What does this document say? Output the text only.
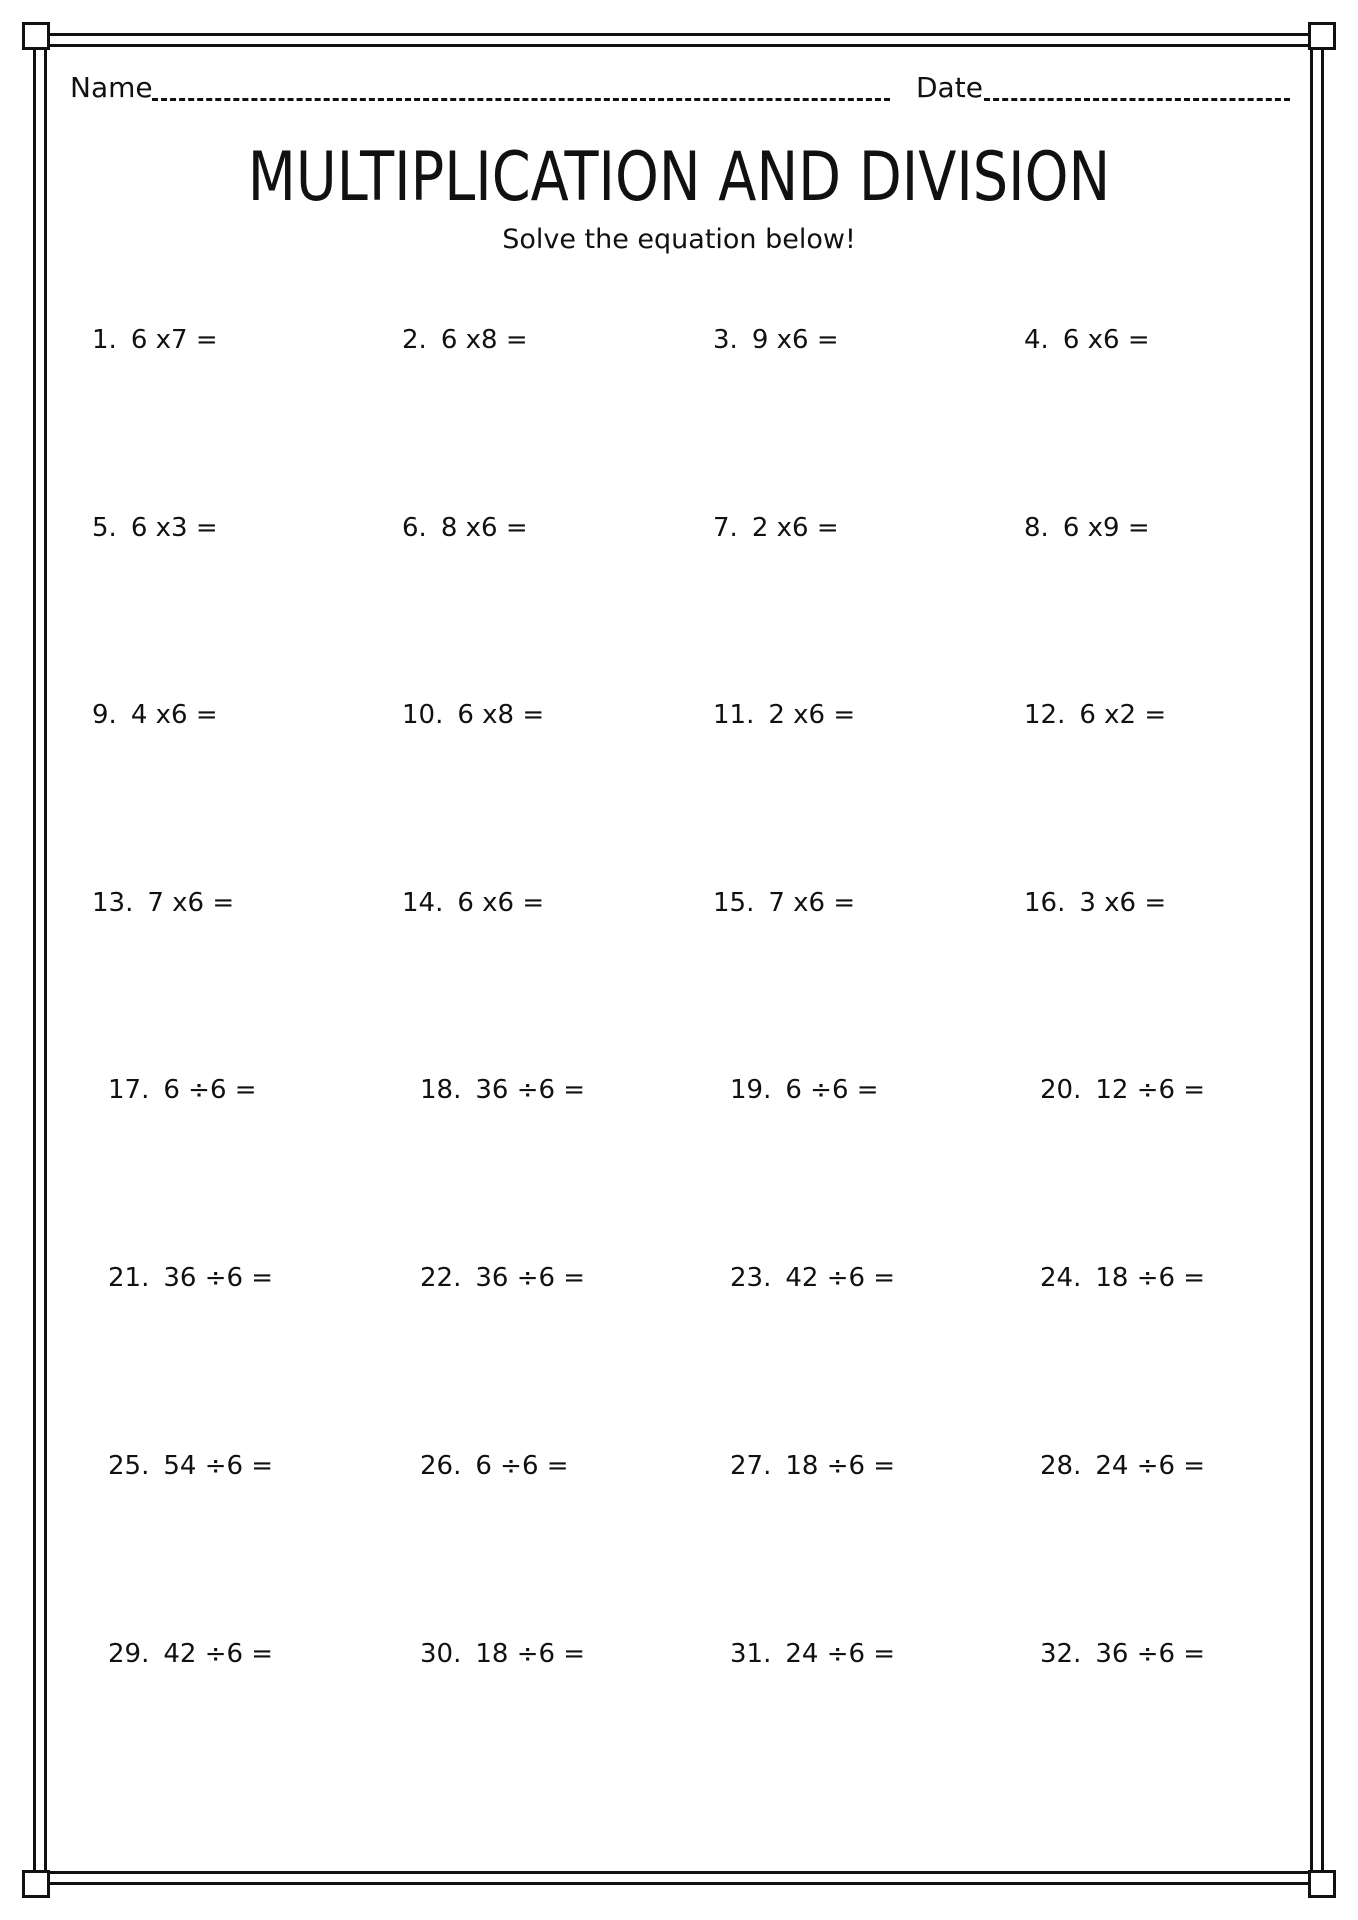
Name	Date
MULTIPLICATION AND DIVISION
Solve the equation below!
1. 6 x7 =	2. 6 x8 =	3. 9 x6 =	4. 6 x6 =
5. 6 x3 =	6. 8 x6 =	7. 2 x6 =	8. 6 x9 =
9. 4 x6 =	10. 6 x8 =	11. 2 x6 =	12. 6 x2 =
13. 7 x6 =	14. 6 x6 =	15. 7 x6 =	16. 3 x6 =
17. 6 ÷6 =	18. 36 ÷6 =	19. 6 ÷6 =	20. 12 ÷6 =
21. 36 ÷6 =	22. 36 ÷6 =	23. 42 ÷6 =	24. 18 ÷6 =
25. 54 ÷6 =	26. 6 ÷6 =	27. 18 ÷6 =	28. 24 ÷6 =
29. 42 ÷6 =	30. 18 ÷6 =	31. 24 ÷6 =	32. 36 ÷6 =
